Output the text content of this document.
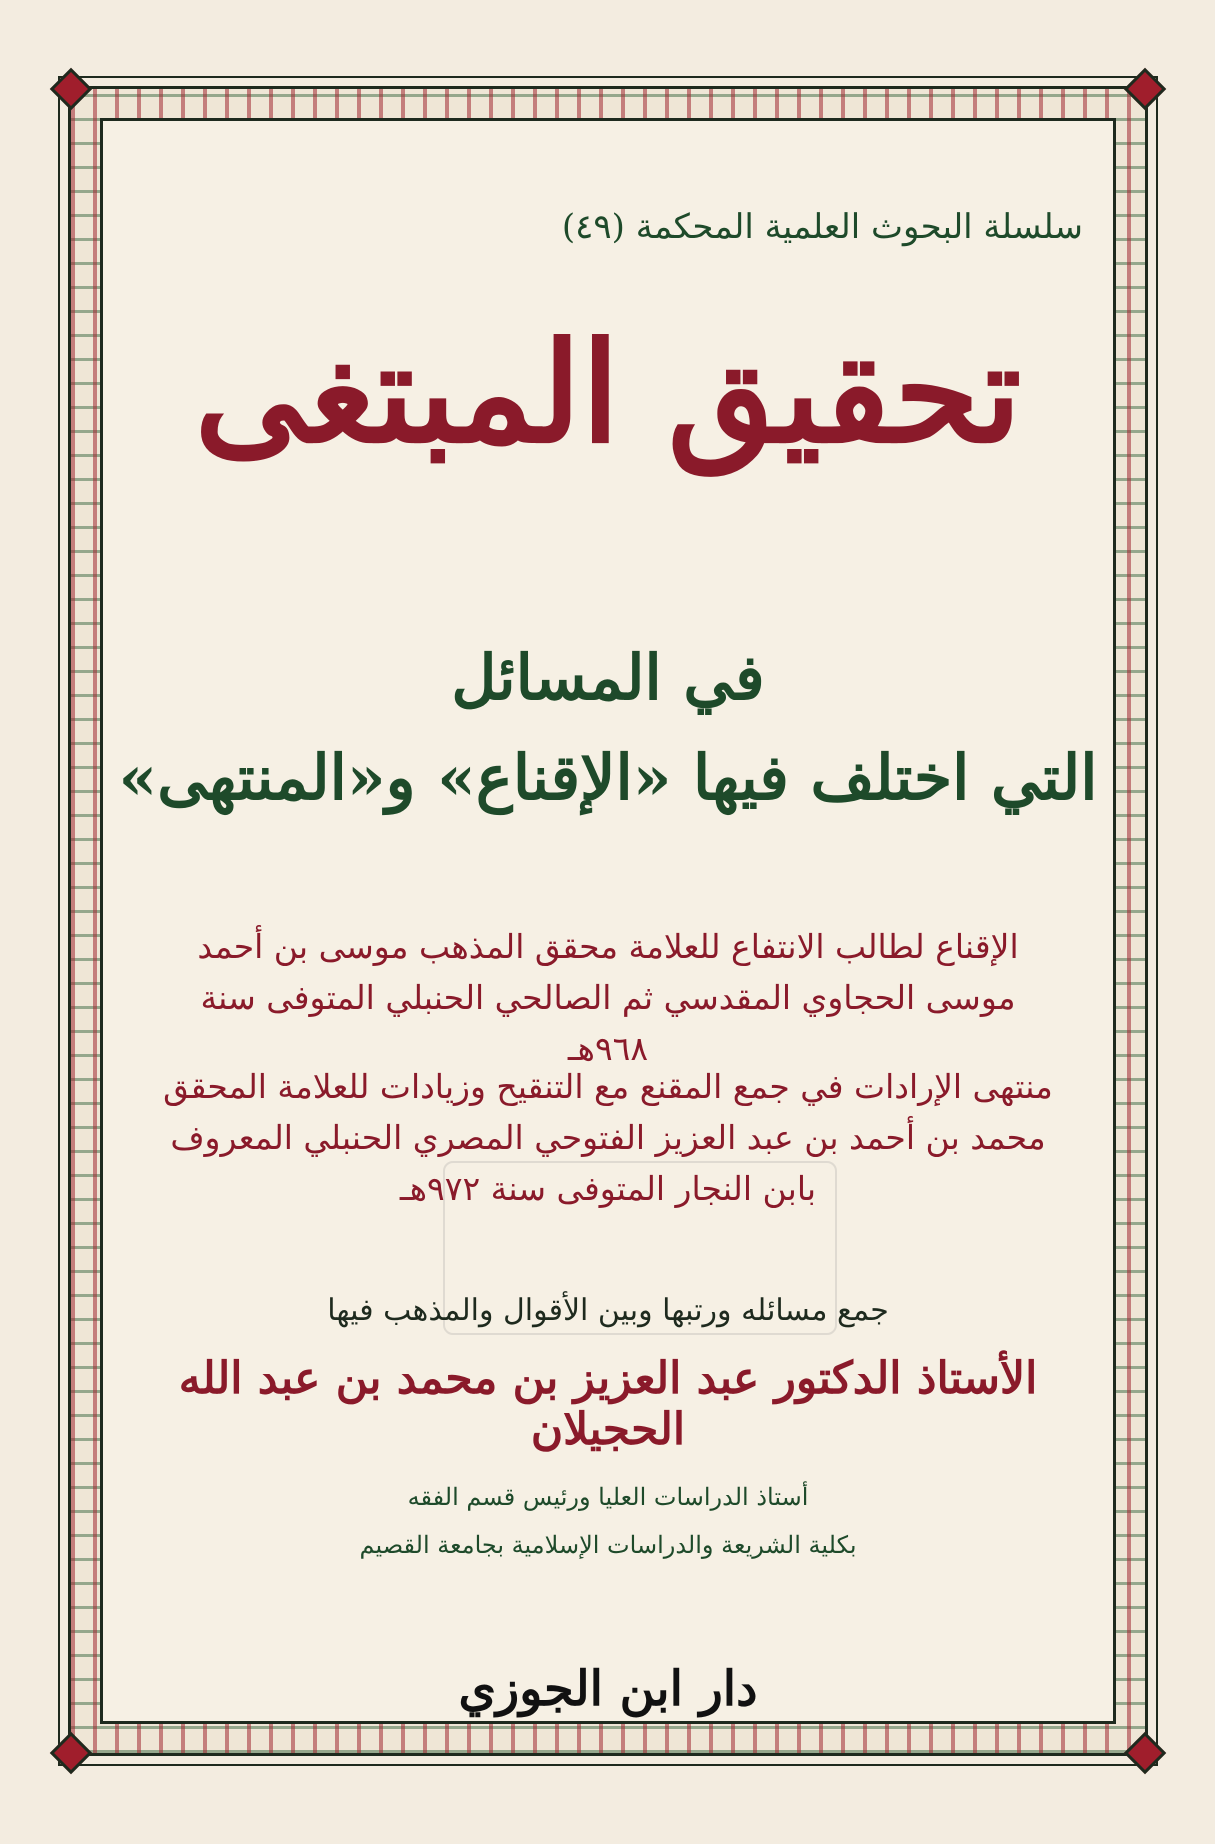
سلسلة البحوث العلمية المحكمة (٤٩)
تحقيق المبتغى
في المسائل
التي اختلف فيها «الإقناع» و«المنتهى»
الإقناع لطالب الانتفاع للعلامة محقق المذهب موسى بن أحمد موسى الحجاوي المقدسي ثم الصالحي الحنبلي المتوفى سنة ٩٦٨هـ
منتهى الإرادات في جمع المقنع مع التنقيح وزيادات للعلامة المحقق محمد بن أحمد بن عبد العزيز الفتوحي المصري الحنبلي المعروف بابن النجار المتوفى سنة ٩٧٢هـ
جمع مسائله ورتبها وبين الأقوال والمذهب فيها
الأستاذ الدكتور عبد العزيز بن محمد بن عبد الله الحجيلان
أستاذ الدراسات العليا ورئيس قسم الفقه
بكلية الشريعة والدراسات الإسلامية بجامعة القصيم
دار ابن الجوزي
